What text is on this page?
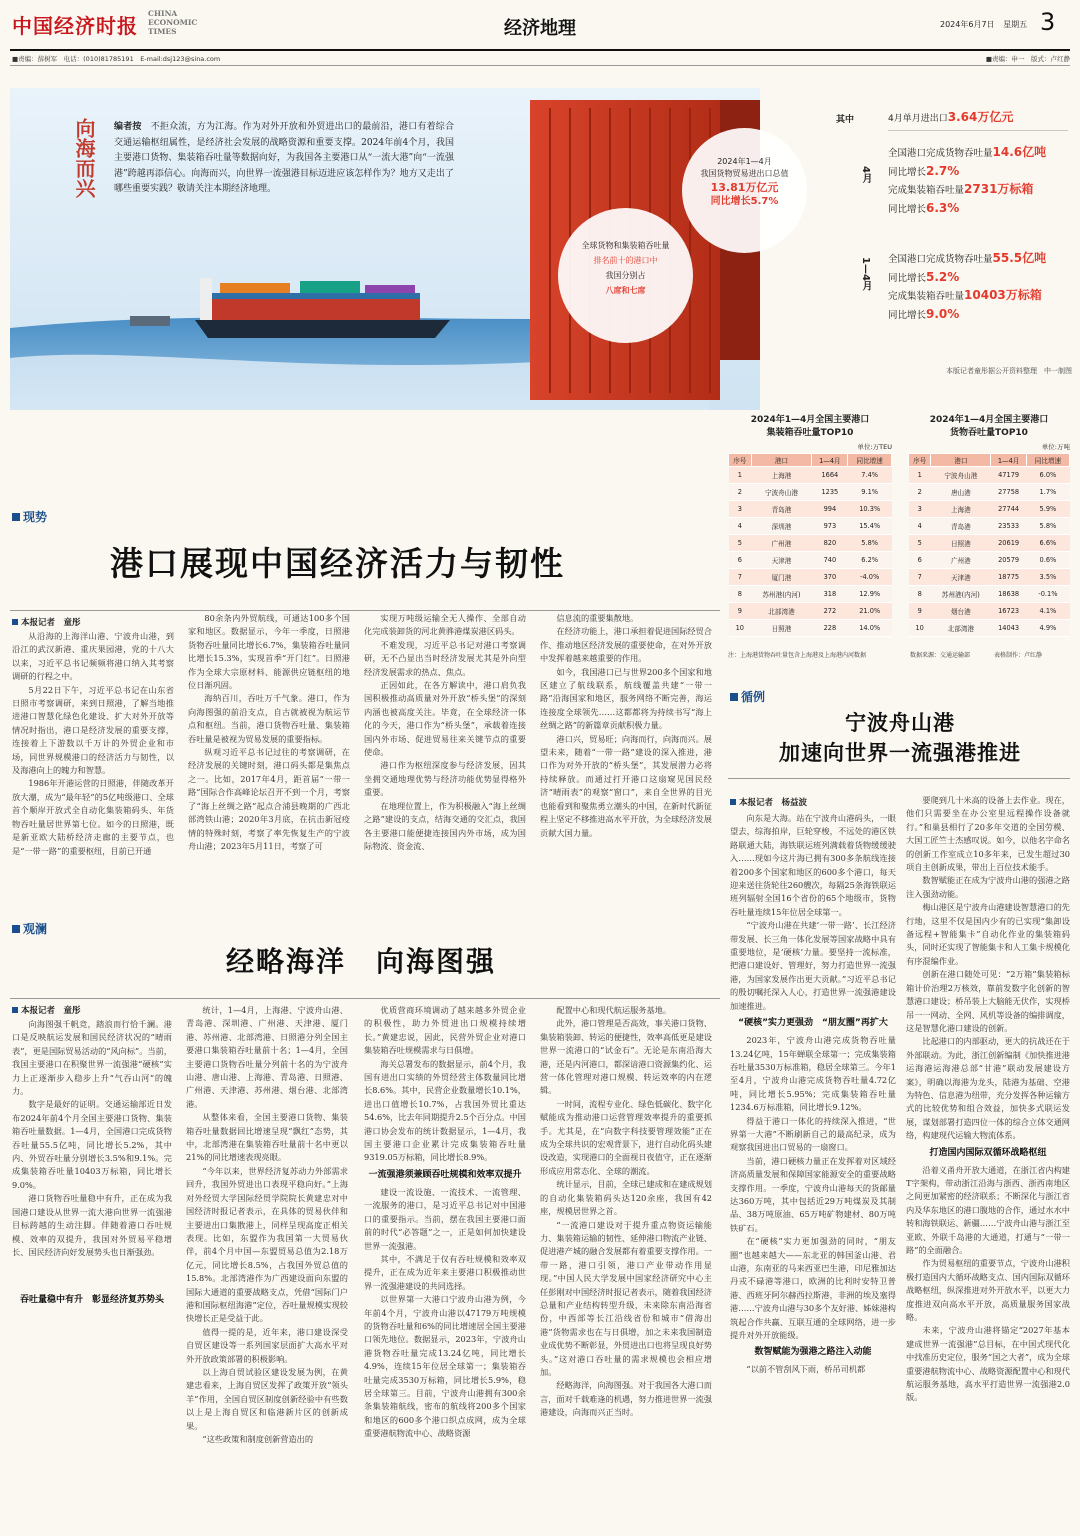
中国经济时报
CHINA
ECONOMIC
TIMES	经济地理	2024年6月7日 星期五 3
■责编：薛树军　电话：(010)81785191　E-mail:dsj123@sina.com	■责编：申一　版式：卢红静
向海而兴	编者按　 不拒众流，方为江海。作为对外开放和外贸进出口的最前沿，港口有着综合交通运输枢纽属性，是经济社会发展的战略资源和重要支撑。2024年前4个月，我国主要港口货物、集装箱吞吐量等数据向好，为我国各主要港口从“一流大港”向“一流强港”跨越再添信心。向海而兴，向世界一流强港目标迈进应该怎样作为？地方又走出了哪些重要实践？敬请关注本期经济地理。
2024年1—4月
我国货物贸易进出口总值
13.81万亿元
同比增长5.7%
全球货物和集装箱吞吐量
排名前十的港口中
我国分别占
八席和七席
其中	4月单月进出口3.64万亿元
4月
全国港口完成货物吞吐量14.6亿吨
同比增长2.7%
完成集装箱吞吐量2731万标箱
同比增长6.3%
1—4月 全国港口完成货物吞吐量55.5亿吨
同比增长5.2%
完成集装箱吞吐量10403万标箱
同比增长9.0%
本版记者童彤据公开资料整理　中一制图
2024年1—4月全国主要港口
集装箱吞吐量TOP10
单位:万TEU
序号	港口	1—4月	同比增速
1	上海港	1664	7.4%
2	宁波舟山港	1235	9.1%
3	青岛港	994	10.3%
4	深圳港	973	15.4%
5	广州港	820	5.8%
6	天津港	740	6.2%
7	厦门港	370	-4.0%
8	苏州港(内河)	318	12.9%
9	北部湾港	272	21.0%
10	日照港	228	14.0%
2024年1—4月全国主要港口
货物吞吐量TOP10
单位:万吨
序号	港口	1—4月	同比增速
1	宁波舟山港	47179	6.0%
2	唐山港	27758	1.7%
3	上海港	27744	5.9%
4	青岛港	23533	5.8%
5	日照港	20619	6.6%
6	广州港	20579	0.6%
7	天津港	18775	3.5%
8	苏州港(内河)	18638	-0.1%
9	烟台港	16723	4.1%
10	北部湾港	14043	4.9%
注：上海港货物吞吐量包含上海港及上海港内河数据	数据来源：交通运输部　　　　表格制作：卢红静
现势
港口展现中国经济活力与韧性
本报记者　童彤

从沿海的上海洋山港、宁波舟山港，到沿江的武汉新港、重庆果园港，党的十八大以来，习近平总书记频频将港口纳入其考察调研的行程之中。

5月22日下午，习近平总书记在山东省日照市考察调研，来到日照港，了解当地推进港口智慧化绿色化建设、扩大对外开放等情况时指出，港口是经济发展的重要支撑，连接着上下游数以千万计的外贸企业和市场，同世界规模港口的经济活力与韧性，以及海港向上的魄力和智慧。

1986年开港运营的日照港，伴随改革开放大潮，成为“最年轻”的5亿吨级港口、全球首个顺岸开放式全自动化集装箱码头、年货物吞吐量居世界第七位。如今的日照港，既是新亚欧大陆桥经济走廊的主要节点，也是“一带一路”的重要枢纽，目前已开通

80余条内外贸航线，可通达100多个国家和地区。数据显示，今年一季度，日照港货物吞吐量同比增长6.7%，集装箱吞吐量同比增长15.3%，实现首季“开门红”。日照港作为全球大宗原材料、能源供应链枢纽的地位日渐巩固。

海纳百川，吞吐万千气象。港口，作为向海图强的前沿支点，自古就被视为航运节点和枢纽。当前，港口货物吞吐量、集装箱吞吐量是被视为贸易发展的重要指标。

纵观习近平总书记过往的考察调研，在经济发展的关键时刻，港口码头都是集焦点之一。比如，2017年4月，距首届“一带一路”国际合作高峰论坛召开不到一个月，考察了“海上丝绸之路”起点合浦县晚期的广西北部湾铁山港；2020年3月底，在抗击新冠疫情的特殊时刻，考察了率先恢复生产的宁波舟山港；2023年5月11日，考察了可

实现万吨级运输全无人操作、全部自动化完成装卸货的河北黄骅港煤炭港区码头。

不难发现，习近平总书记对港口考察调研，无不凸显出当时经济发展尤其是外向型经济发展需求的热点、焦点。

正因如此，在各方解读中，港口肩负我国积极推动高质量对外开放“桥头堡”的深刻内涵也被高度关注。毕竟，在全球经济一体化的今天，港口作为“桥头堡”，承载着连接国内外市场、促进贸易往来关键节点的重要使命。

港口作为枢纽深度参与经济发展，因其坐拥交通地理优势与经济功能优势显得格外重要。

在地理位置上，作为积极融入“海上丝绸之路”建设的支点，结海交通的交汇点，我国各主要港口能便捷连接国内外市场，成为国际物流、资金流、

信息流的重要集散地。

在经济功能上，港口承担着促进国际经贸合作、推动地区经济发展的重要使命，在对外开放中发挥着越来越重要的作用。

如今，我国港口已与世界200多个国家和地区建立了航线联系，航线覆盖共建“一带一路”沿海国家和地区，服务网络不断完善，海运连接度全球领先……这都都将为持续书写“海上丝绸之路”的新篇章贡献积极力量。

港口兴，贸易旺；向海而行，向海而兴。展望未来，随着“一带一路”建设的深入推进，港口作为对外开放的“桥头堡”，其发展潜力必将持续释放。而通过打开港口这扇窥见国民经济“晴雨表”的观察“窗口”，来自全世界的目光也能看到和聚焦勇立潮头的中国，在新时代新征程上坚定不移推进高水平开放，为全球经济发展贡献大国力量。

观澜
经略海洋　向海图强
本报记者　童彤

向海图强千帆竞，踏浪而行恰千澜。港口是反映航运发展和国民经济状况的“晴雨表”，更是国际贸易活动的“风向标”。当前，我国主要港口在积聚世界一流强港“硬核”实力上正逐渐步入稳步上升“气吞山河”的魄力。

数字是最好的证明。交通运输部近日发布2024年前4个月全国主要港口货物、集装箱吞吐量数据。1—4月，全国港口完成货物吞吐量55.5亿吨，同比增长5.2%，其中内、外贸吞吐量分别增长3.5%和9.1%。完成集装箱吞吐量10403万标箱，同比增长9.0%。

港口货物吞吐量稳中有升，正在成为我国港口建设从世界一流大港向世界一流强港目标跨越的生动注脚。伴随着港口吞吐规模、效率的双提升，我国对外贸易平稳增长、国民经济向好发展势头也日渐强劲。

吞吐量稳中有升　彰显经济复苏势头

统计，1—4月，上海港、宁波舟山港、青岛港、深圳港、广州港、天津港、厦门港、苏州港、北部湾港、日照港分列全国主要港口集装箱吞吐量前十名；1—4月，全国主要港口货物吞吐量分列前十名的为宁波舟山港、唐山港、上海港、青岛港、日照港、广州港、天津港、苏州港、烟台港、北部湾港。

从整体来看，全国主要港口货物、集装箱吞吐量数据回比增速呈现“飘红”态势，其中，北部湾港在集装箱吞吐量前十名中更以21%的同比增速表现亮眼。

“今年以来，世界经济复苏动力外部需求回升，我国外贸进出口表现平稳向好。”上海对外经贸大学国际经贸学院院长黄建忠对中国经济时报记者表示，在具体的贸易伙伴和主要进出口集散港上，同样呈现高度正相关表现。比如，东盟作为我国第一大贸易伙伴，前4个月中国—东盟贸易总值为2.18万亿元，同比增长8.5%，占我国外贸总值的15.8%。北部湾港作为广西建设面向东盟的国际大通道的重要战略支点，凭借“国际门户港和国际枢纽海港”定位，吞吐量规模实现较快增长正是受益于此。

值得一提的是，近年来，港口建设深受自贸区建设等一系列国家层面扩大高水平对外开放政策部署的积极影响。

以上海自贸试验区建设发展为例，在黄建忠看来，上海自贸区发挥了政策开放“领头羊”作用，全国自贸区制度创新经验中有些数以上是上海自贸区和临港新片区的创新成果。

“这些政策和制度创新营造出的

优质营商环境调动了越来越多外贸企业的积极性，助力外贸进出口规模持续增长。”黄建忠说，因此，民营外贸企业对港口集装箱吞吐规模需求与日俱增。

海关总署发布的数据显示，前4个月，我国有进出口实绩的外贸经营主体数量同比增长8.6%。其中，民营企业数量增长10.1%，进出口值增长10.7%，占我国外贸比重达54.6%，比去年同期提升2.5个百分点。中国港口协会发布的统计数据显示，1—4月，我国主要港口企业累计完成集装箱吞吐量9319.05万标箱，同比增长8.9%。

一流强港须兼顾吞吐规模和效率双提升

建设一流设施、一流技术、一流管理、一流服务的港口，是习近平总书记对中国港口的重要指示。当前，摆在我国主要港口面前的时代“必答题”之一，正是如何加快建设世界一流强港。

其中，不满足于仅有吞吐规模和效率双提升，正在成为近年来主要港口积极推动世界一流强港建设的共同选择。

以世界第一大港口宁波舟山港为例，今年前4个月，宁波舟山港以47179万吨规模的货物吞吐量和6%的同比增速居全国主要港口领先地位。数据显示，2023年，宁波舟山港货物吞吐量完成13.24亿吨，同比增长4.9%，连续15年位居全球第一；集装箱吞吐量完成3530万标箱，同比增长5.9%，稳居全球第三。目前，宁波舟山港拥有300余条集装箱航线，密布的航线将200多个国家和地区的600多个港口织点成网，成为全球重要港航物流中心、战略资源

配置中心和现代航运服务基地。

此外，港口管理是否高效，事关港口货物、集装箱装卸、转运的便捷性，效率高低更是建设世界一流港口的“试金石”。无论是东南沿海大港，还是内河港口，都深谙港口资源集约化、运营一体化管理对港口规模、转运效率的内在逻辑。

一时间，流程专业化、绿色低碳化、数字化赋能成为推动港口运营管理效率提升的重要抓手。尤其是，在“向数字科技要管理效能”正在成为全球共识的宏观背景下，进行自动化码头建设改造，实现港口的全面视日夜值守，正在逐渐形成应用常态化、全球的潮流。

统计显示，目前，全球已建成和在建成规划的自动化集装箱码头达120余座，我国有42座，规模居世界之首。

“一流港口建设对于提升重点物资运输能力、集装箱运输的韧性、延伸港口物流产业链、促进港产城的融合发展都有着重要支撑作用。一带一路，港口引领，港口产业带动作用显现。”中国人民大学发展中国家经济研究中心主任彭刚对中国经济时报记者表示，随着我国经济总量和产业结构转型升级，未来除东南沿海省份，中西部等长江沿线省份和城市“借海出港”货物需求也在与日俱增，加之未来我国制造业成优势不断彰显，外贸进出口也将呈现良好势头。”这对港口吞吐量的需求规模也会相应增加。

经略海洋，向海图强。对于我国各大港口而言，面对千载难逢的机遇，努力推进世界一流强港建设，向海而兴正当时。

循例
宁波舟山港
加速向世界一流强港推进
本报记者　杨益波

向东是大海。站在宁波舟山港码头，一眼望去，综海拍岸，巨轮穿梭，不远处的港区铁路联通大陆，海铁联运班列满载着货物缓缓驶入……现如今这片海已拥有300多条航线连接着200多个国家和地区的600多个港口，每天迎来送往货轮往260艘次，每隔25条海铁联运班列辐射全国16个省份的65个地级市，货物吞吐量连续15年位居全球第一。

“宁波舟山港在共建‘一带一路’、长江经济带发展、长三角一体化发展等国家战略中具有重要地位，是‘硬核’力量。要坚持一流标准，把港口建设好、管理好，努力打造世界一流强港，为国家发展作出更大贡献。”习近平总书记的殷切嘱托深入人心，打造世界一流强港建设加速推进。

“硬核”实力更强劲　“朋友圈”再扩大

2023年，宁波舟山港完成货物吞吐量13.24亿吨，15年蝉联全球第一；完成集装箱吞吐量3530万标准箱，稳居全球第三。今年1至4月，宁波舟山港完成货物吞吐量4.72亿吨，同比增长5.95%；完成集装箱吞吐量1234.6万标准箱，同比增长9.12%。

得益于港口一体化的持续深入推进，“世界第一大港”不断刷新自己的最高纪录，成为观察我国进出口贸易的一扇窗口。

当前，港口硬核力量正在发挥着对区域经济高质量发展和保障国家能源安全的重要战略支撑作用。一季度，宁波舟山港每天的货邮量达360万吨，其中包括近29万吨煤炭及其制品、38万吨原油、65万吨矿物建材、80万吨铁矿石。

在“硬核”实力更加强劲的同时，“朋友圈”也越来越大——东北亚的韩国釜山港、君山港，东南亚的马来西亚巴生港，印尼雅加达丹戎不碌港等港口，欧洲的比利时安特卫普港、西班牙阿尔赫西拉斯港，非洲的埃及塞得港……宁波舟山港与30多个友好港、姊妹港构筑起合作共赢、互联互通的全球网络，进一步提升对外开放能级。

数智赋能为强港之路注入动能

“以前不管刮风下雨，桥吊司机都

要爬到几十米高的设备上去作业。现在，他们只需要坐在办公室里远程操作设备就行。”和巢县相行了20多年交道的全国劳模、大国工匠竺士杰感叹说。如今，以他名字命名的创新工作室成立10多年来，已发生超过30项自主创新成果，带出上百位技术能手。

数智赋能正在成为宁波舟山港的强港之路注入强劲动能。

梅山港区是宁波舟山港建设智慧港口的先行地，这里不仅是国内少有的已实现“集卸设备远程+智能集卡”自动化作业的集装箱码头，同时还实现了智能集卡和人工集卡规模化有序混编作业。

创新在港口随处可见：“2万箱”集装箱标箱计价治理2万核效，靠前发数字化创新的智慧港口建设；桥吊装上大脑能无伏作，实现桥吊一一网动、全网、风机等设备的编排调度，这是智慧化港口建设的创新。

比起港口的内部驱动，更大的抗战还在于外部联动。为此，浙江创新编制《加快推进港运海港运海港总部“甘港”联动发展建设方案》，明确以海港为龙头，陆港为基础、空港为特色、信息港为纽带，充分发挥各种运输方式的比较优势和组合效益，加快多式联运发展，谋划部署打造四位一体的综合立体交通网络，构建现代运输大物流体系。

打造国内国际双循环战略枢纽

沿着义甬舟开放大通道，在浙江省内构建T字架构，带动浙江沿海与浙西、浙西南地区之间更加紧密的经济联系；不断深化与浙江省内及华东地区的港口腹地的合作，通过水水中转和海铁联运、新疆……宁波舟山港与浙江至亚欧、外联千岛港的大通道，打通与“一带一路”的全面融合。

作为贸易枢纽的重要节点，宁波舟山港积极打造国内大循环战略支点、国内国际双循环战略枢纽，纵深推进对外开放水平，以更大力度推进双向高水平开放，高质量服务国家战略。

未来，宁波舟山港将锚定“2027年基本建成世界一流强港”总目标，在中国式现代化中找准历史定位，服务“国之大者”，成为全球重要港航物流中心、战略资源配置中心和现代航运服务基地，高水平打造世界一流强港2.0版。
